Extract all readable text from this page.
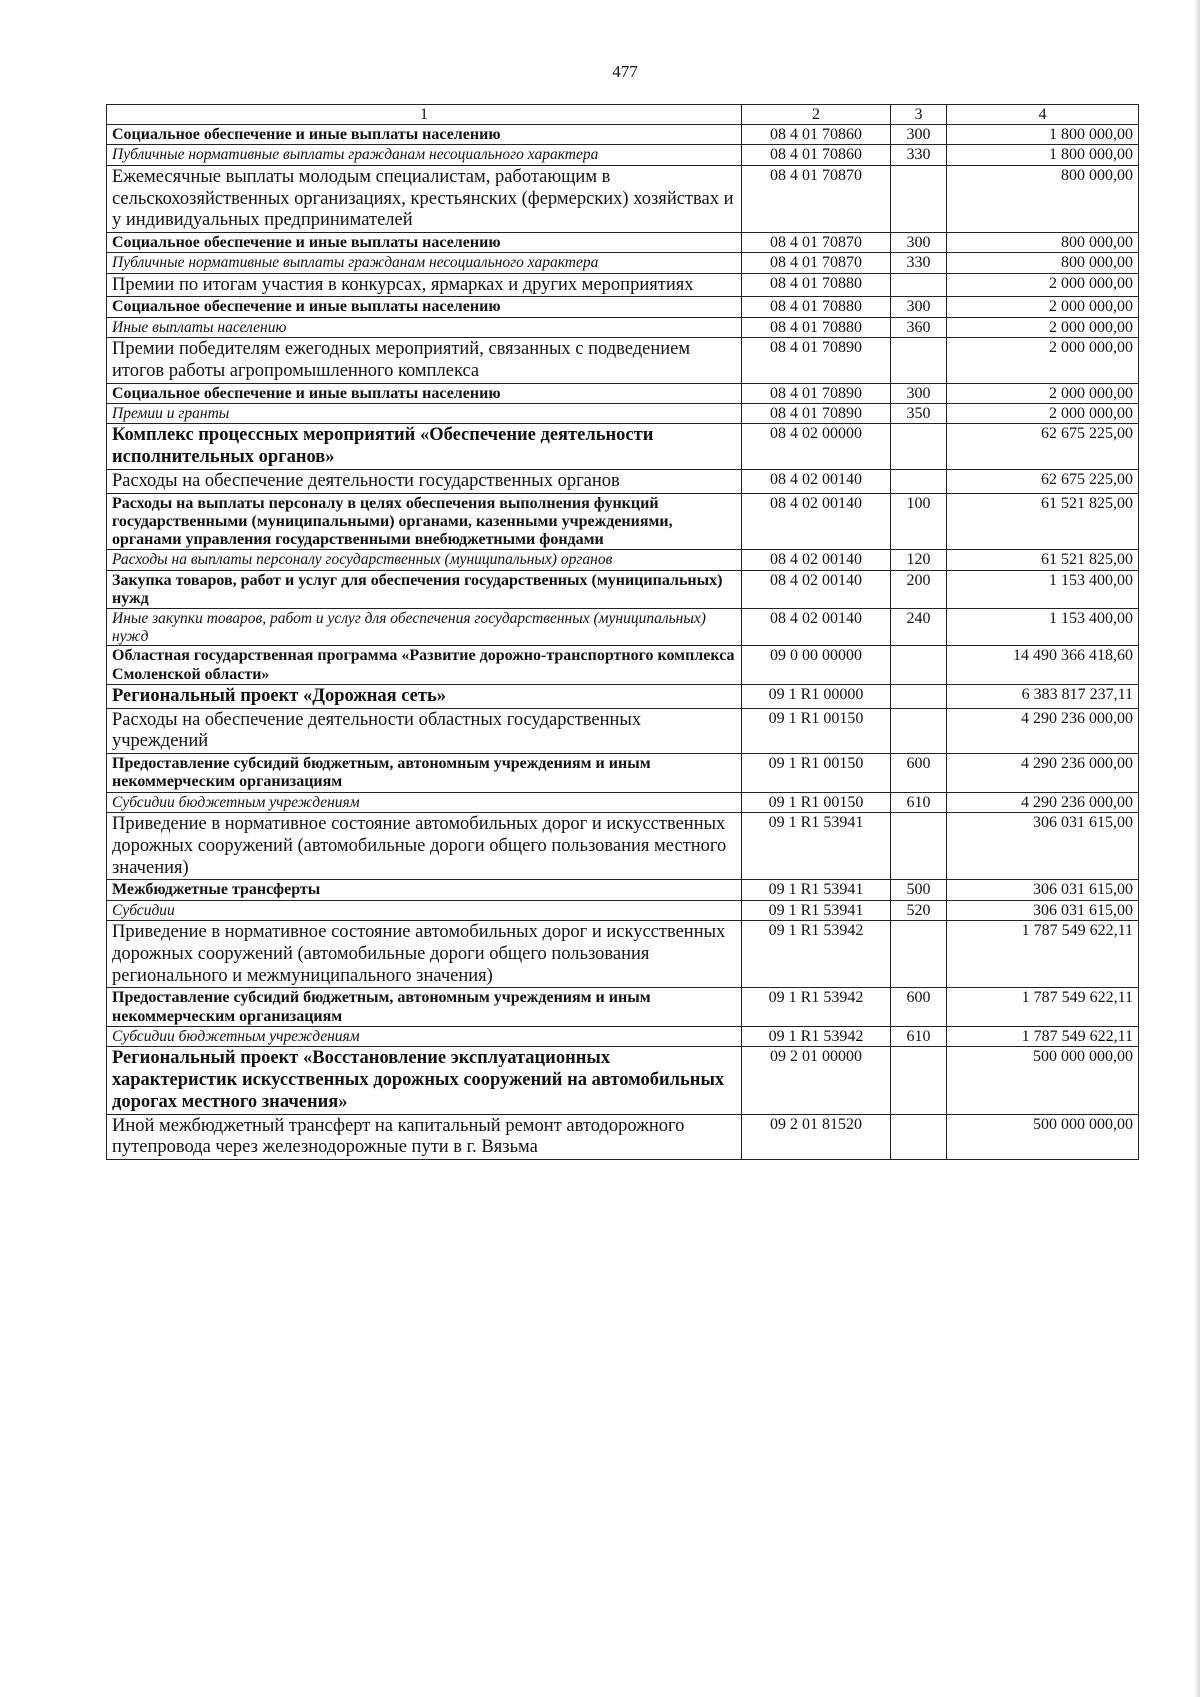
477
1	2	3	4
Социальное обеспечение и иные выплаты населению	08 4 01 70860	300	1 800 000,00
Публичные нормативные выплаты гражданам несоциального характера	08 4 01 70860	330	1 800 000,00
Ежемесячные выплаты молодым специалистам, работающим в сельскохозяйственных организациях, крестьянских (фермерских) хозяйствах и у индивидуальных предпринимателей	08 4 01 70870		800 000,00
Социальное обеспечение и иные выплаты населению	08 4 01 70870	300	800 000,00
Публичные нормативные выплаты гражданам несоциального характера	08 4 01 70870	330	800 000,00
Премии по итогам участия в конкурсах, ярмарках и других мероприятиях	08 4 01 70880		2 000 000,00
Социальное обеспечение и иные выплаты населению	08 4 01 70880	300	2 000 000,00
Иные выплаты населению	08 4 01 70880	360	2 000 000,00
Премии победителям ежегодных мероприятий, связанных с подведением итогов работы агропромышленного комплекса	08 4 01 70890		2 000 000,00
Социальное обеспечение и иные выплаты населению	08 4 01 70890	300	2 000 000,00
Премии и гранты	08 4 01 70890	350	2 000 000,00
Комплекс процессных мероприятий «Обеспечение деятельности исполнительных органов»	08 4 02 00000		62 675 225,00
Расходы на обеспечение деятельности государственных органов	08 4 02 00140		62 675 225,00
Расходы на выплаты персоналу в целях обеспечения выполнения функций государственными (муниципальными) органами, казенными учреждениями, органами управления государственными внебюджетными фондами	08 4 02 00140	100	61 521 825,00
Расходы на выплаты персоналу государственных (муниципальных) органов	08 4 02 00140	120	61 521 825,00
Закупка товаров, работ и услуг для обеспечения государственных (муниципальных) нужд	08 4 02 00140	200	1 153 400,00
Иные закупки товаров, работ и услуг для обеспечения государственных (муниципальных) нужд	08 4 02 00140	240	1 153 400,00
Областная государственная программа «Развитие дорожно-транспортного комплекса Смоленской области»	09 0 00 00000		14 490 366 418,60
Региональный проект «Дорожная сеть»	09 1 R1 00000		6 383 817 237,11
Расходы на обеспечение деятельности областных государственных учреждений	09 1 R1 00150		4 290 236 000,00
Предоставление субсидий бюджетным, автономным учреждениям и иным некоммерческим организациям	09 1 R1 00150	600	4 290 236 000,00
Субсидии бюджетным учреждениям	09 1 R1 00150	610	4 290 236 000,00
Приведение в нормативное состояние автомобильных дорог и искусственных дорожных сооружений (автомобильные дороги общего пользования местного значения)	09 1 R1 53941		306 031 615,00
Межбюджетные трансферты	09 1 R1 53941	500	306 031 615,00
Субсидии	09 1 R1 53941	520	306 031 615,00
Приведение в нормативное состояние автомобильных дорог и искусственных дорожных сооружений (автомобильные дороги общего пользования регионального и межмуниципального значения)	09 1 R1 53942		1 787 549 622,11
Предоставление субсидий бюджетным, автономным учреждениям и иным некоммерческим организациям	09 1 R1 53942	600	1 787 549 622,11
Субсидии бюджетным учреждениям	09 1 R1 53942	610	1 787 549 622,11
Региональный проект «Восстановление эксплуатационных характеристик искусственных дорожных сооружений на автомобильных дорогах местного значения»	09 2 01 00000		500 000 000,00
Иной межбюджетный трансферт на капитальный ремонт автодорожного путепровода через железнодорожные пути в г. Вязьма	09 2 01 81520		500 000 000,00
